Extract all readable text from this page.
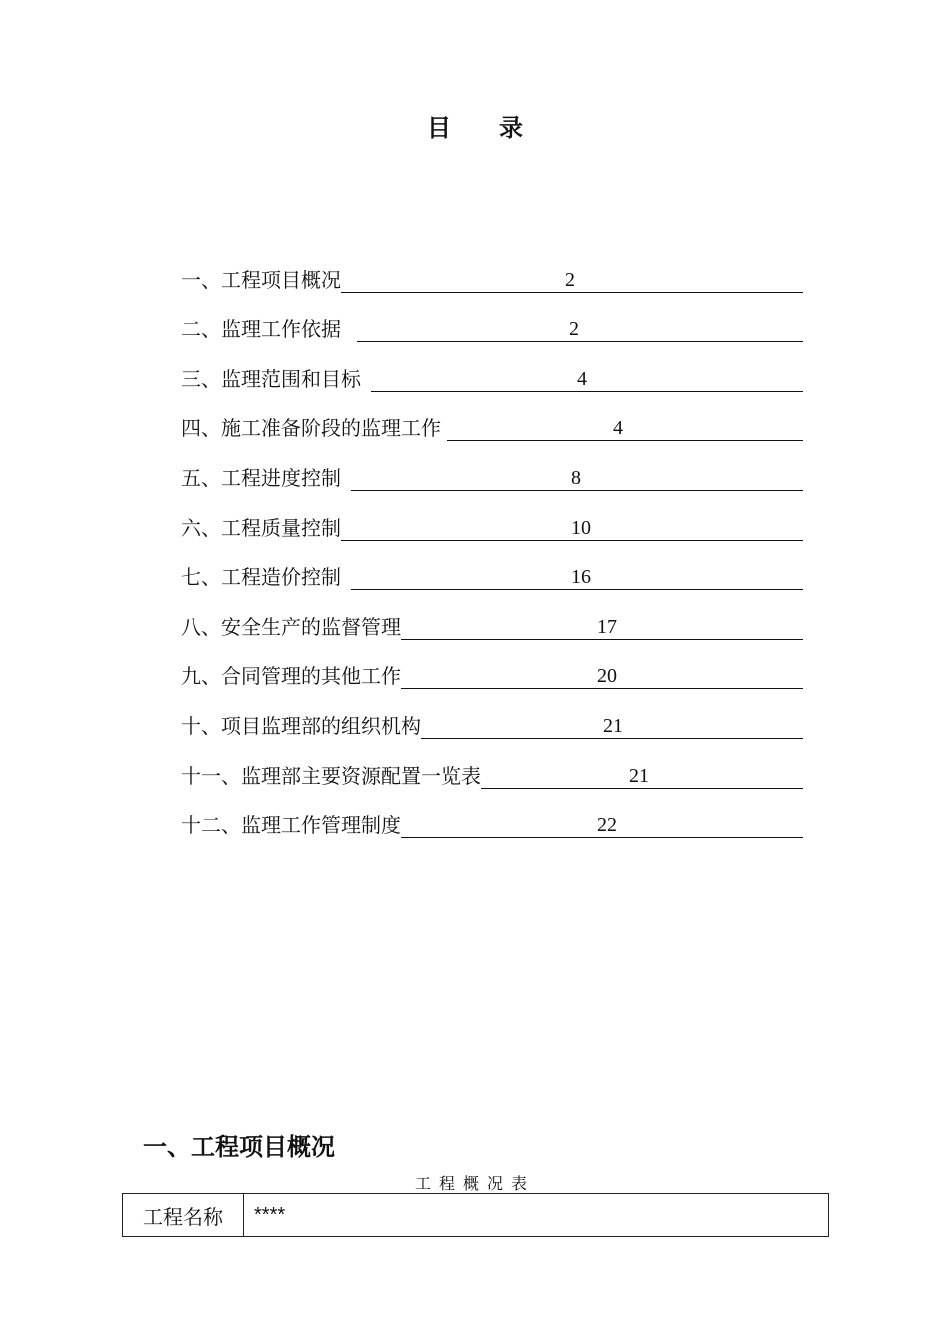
目 录
一、工程项目概况	2
二、监理工作依据	2
三、监理范围和目标	4
四、施工准备阶段的监理工作	4
五、工程进度控制	8
六、工程质量控制	10
七、工程造价控制	16
八、安全生产的监督管理	17
九、合同管理的其他工作	20
十、项目监理部的组织机构	21
十一、监理部主要资源配置一览表	21
十二、监理工作管理制度	22
一、工程项目概况
工程概况表
工程名称	****
